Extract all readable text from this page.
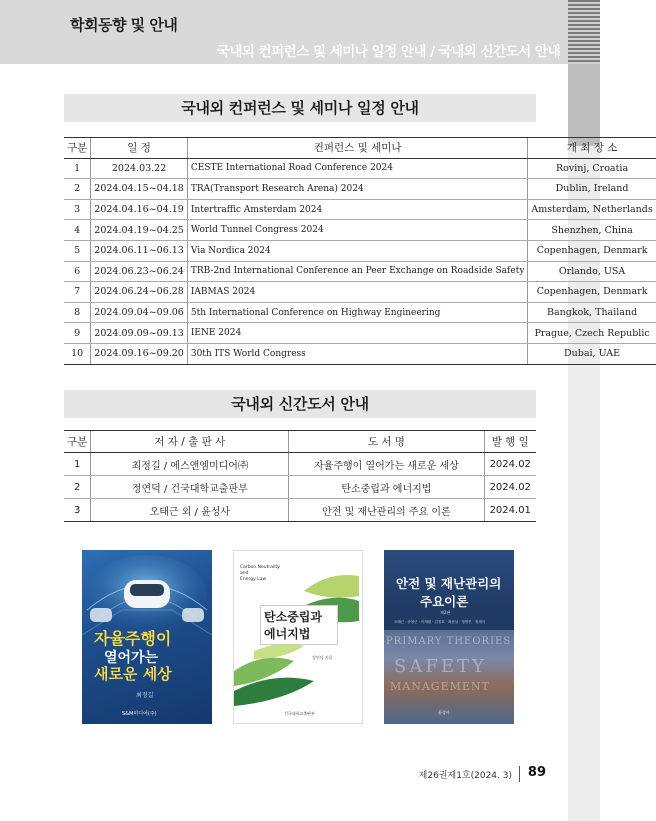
학회동향 및 안내
국내외 컨퍼런스 및 세미나 일정 안내 / 국내외 신간도서 안내
국내외 컨퍼런스 및 세미나 일정 안내
구분	일 정	컨퍼런스 및 세미나	개 최 장 소
1	2024.03.22	CESTE International Road Conference 2024	Rovinj, Croatia
2	2024.04.15~04.18	TRA(Transport Research Arena) 2024	Dublin, Ireland
3	2024.04.16~04.19	Intertraffic Amsterdam 2024	Amsterdam, Netherlands
4	2024.04.19~04.25	World Tunnel Congress 2024	Shenzhen, China
5	2024.06.11~06.13	Via Nordica 2024	Copenhagen, Denmark
6	2024.06.23~06.24	TRB-2nd International Conference an Peer Exchange on Roadside Safety	Orlando, USA
7	2024.06.24~06.28	IABMAS 2024	Copenhagen, Denmark
8	2024.09.04~09.06	5th International Conference on Highway Engineering	Bangkok, Thailand
9	2024.09.09~09.13	IENE 2024	Prague, Czech Republic
10	2024.09.16~09.20	30th ITS World Congress	Dubai, UAE
국내외 신간도서 안내
구분	저 자 / 출 판 사	도 서 명	발 행 일
1	최정길 / 에스앤엠미디어㈜	자율주행이 열어가는 새로운 세상	2024.02
2	정연덕 / 건국대학교출판부	탄소중립과 에너지법	2024.02
3	오태근 외 / 윤성사	안전 및 재난관리의 주요 이론	2024.01
자율주행이
열어가는
새로운 세상
최정길
S&M미디어(주)
Carbon Neutrality
and
Energy Law
탄소중립과
에너지법
정연덕 지음
건국대학교출판부
안전 및 재난관리의
주요이론
제2판
오태근 · 송창근 · 이재원 · 김정호 · 최선실 · 정명진 · 정재식
PRIMARY THEORIES
SAFETY
MANAGEMENT
윤성사
제26권제1호(2024. 3) 89
